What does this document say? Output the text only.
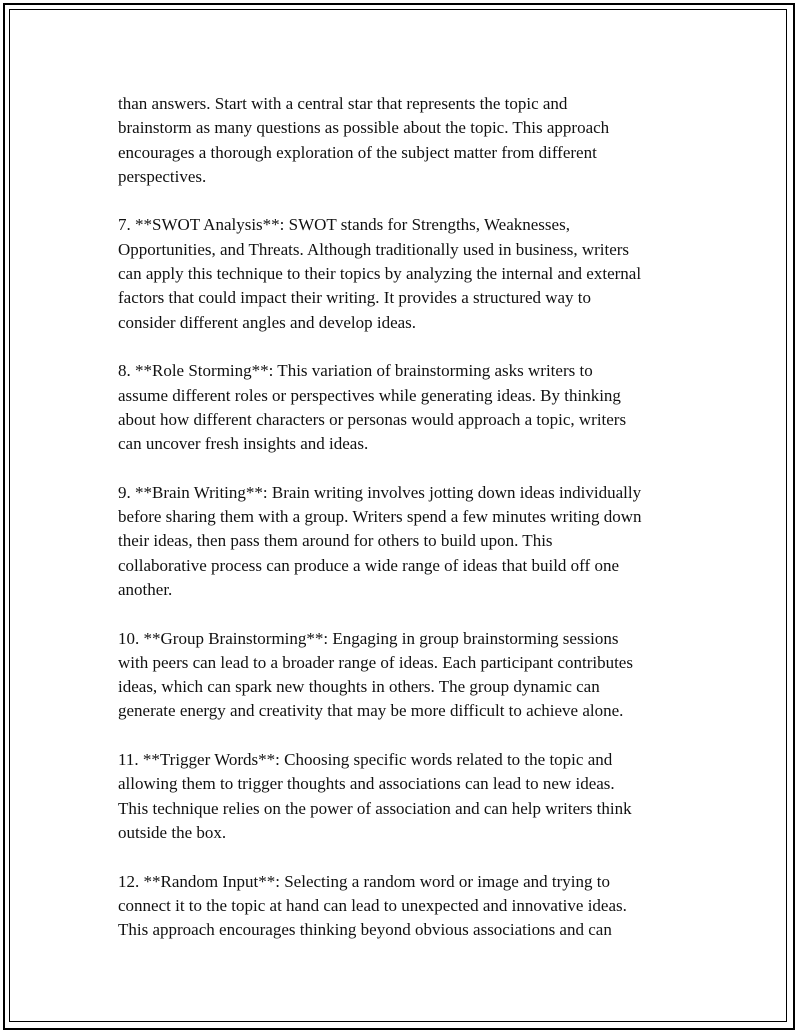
than answers. Start with a central star that represents the topic and
brainstorm as many questions as possible about the topic. This approach
encourages a thorough exploration of the subject matter from different
perspectives.

7. **SWOT Analysis**: SWOT stands for Strengths, Weaknesses,
Opportunities, and Threats. Although traditionally used in business, writers
can apply this technique to their topics by analyzing the internal and external
factors that could impact their writing. It provides a structured way to
consider different angles and develop ideas.

8. **Role Storming**: This variation of brainstorming asks writers to
assume different roles or perspectives while generating ideas. By thinking
about how different characters or personas would approach a topic, writers
can uncover fresh insights and ideas.

9. **Brain Writing**: Brain writing involves jotting down ideas individually
before sharing them with a group. Writers spend a few minutes writing down
their ideas, then pass them around for others to build upon. This
collaborative process can produce a wide range of ideas that build off one
another.

10. **Group Brainstorming**: Engaging in group brainstorming sessions
with peers can lead to a broader range of ideas. Each participant contributes
ideas, which can spark new thoughts in others. The group dynamic can
generate energy and creativity that may be more difficult to achieve alone.

11. **Trigger Words**: Choosing specific words related to the topic and
allowing them to trigger thoughts and associations can lead to new ideas.
This technique relies on the power of association and can help writers think
outside the box.

12. **Random Input**: Selecting a random word or image and trying to
connect it to the topic at hand can lead to unexpected and innovative ideas.
This approach encourages thinking beyond obvious associations and can
